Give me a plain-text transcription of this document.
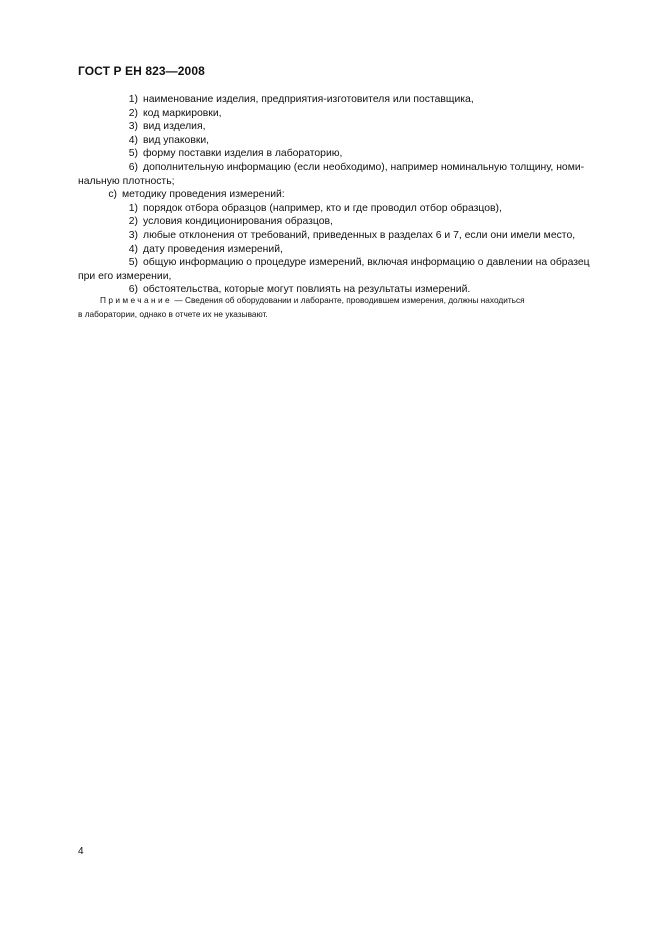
ГОСТ Р ЕН 823—2008
1) наименование изделия, предприятия-изготовителя или поставщика,
2) код маркировки,
3) вид изделия,
4) вид упаковки,
5) форму поставки изделия в лабораторию,
6) дополнительную информацию (если необходимо), например номинальную толщину, номи-
нальную плотность;
c) методику проведения измерений:
1) порядок отбора образцов (например, кто и где проводил отбор образцов),
2) условия кондиционирования образцов,
3) любые отклонения от требований, приведенных в разделах 6 и 7, если они имели место,
4) дату проведения измерений,
5) общую информацию о процедуре измерений, включая информацию о давлении на образец
при его измерении,
6) обстоятельства, которые могут повлиять на результаты измерений.
Примечание — Сведения об оборудовании и лаборанте, проводившем измерения, должны находиться
в лаборатории, однако в отчете их не указывают.
4
